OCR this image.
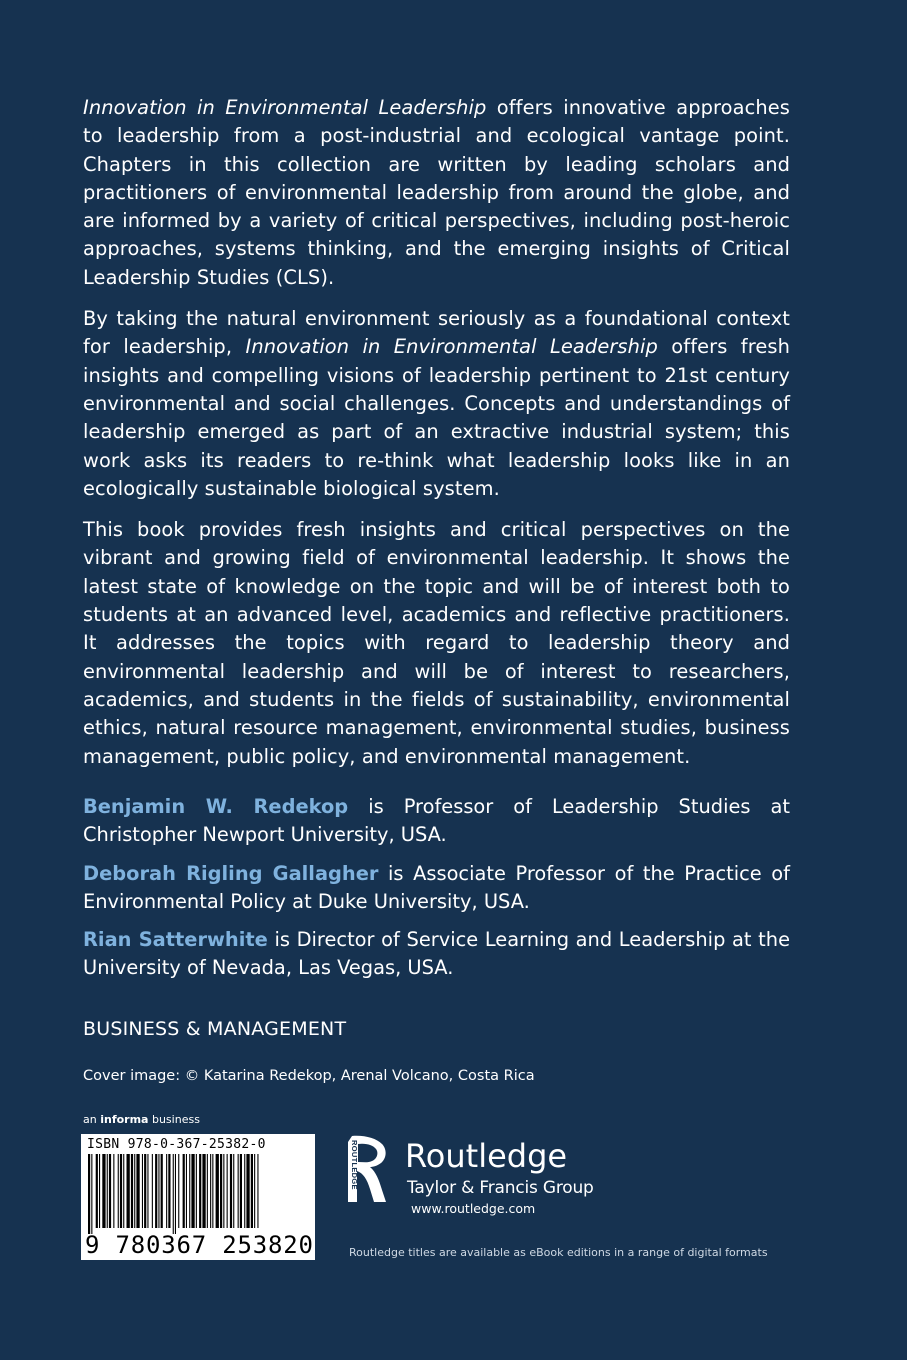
Innovation in Environmental Leadership offers innovative approaches to leadership from a post-industrial and ecological vantage point. Chapters in this collection are written by leading scholars and practitioners of environmental leadership from around the globe, and are informed by a variety of critical perspectives, including post-heroic approaches, systems thinking, and the emerging insights of Critical Leadership Studies (CLS).

By taking the natural environment seriously as a foundational context for leadership, Innovation in Environmental Leadership offers fresh insights and compelling visions of leadership pertinent to 21st century environmental and social challenges. Concepts and understandings of leadership emerged as part of an extractive industrial system; this work asks its readers to re-think what leadership looks like in an ecologically sustainable biological system.

This book provides fresh insights and critical perspectives on the vibrant and growing field of environmental leadership. It shows the latest state of knowledge on the topic and will be of interest both to students at an advanced level, academics and reflective practitioners. It addresses the topics with regard to leadership theory and environmental leadership and will be of interest to researchers, academics, and students in the fields of sustainability, environmental ethics, natural resource management, environmental studies, business management, public policy, and environmental management.

Benjamin W. Redekop is Professor of Leadership Studies at Christopher Newport University, USA.

Deborah Rigling Gallagher is Associate Professor of the Practice of Environmental Policy at Duke University, USA.

Rian Satterwhite is Director of Service Learning and Leadership at the University of Nevada, Las Vegas, USA.

BUSINESS & MANAGEMENT
Cover image: © Katarina Redekop, Arenal Volcano, Costa Rica
an informa business
ISBN 978-0-367-25382-0
9 780367 253820
ROUTLEDGE Routledge
Taylor & Francis Group
www.routledge.com
Routledge titles are available as eBook editions in a range of digital formats
